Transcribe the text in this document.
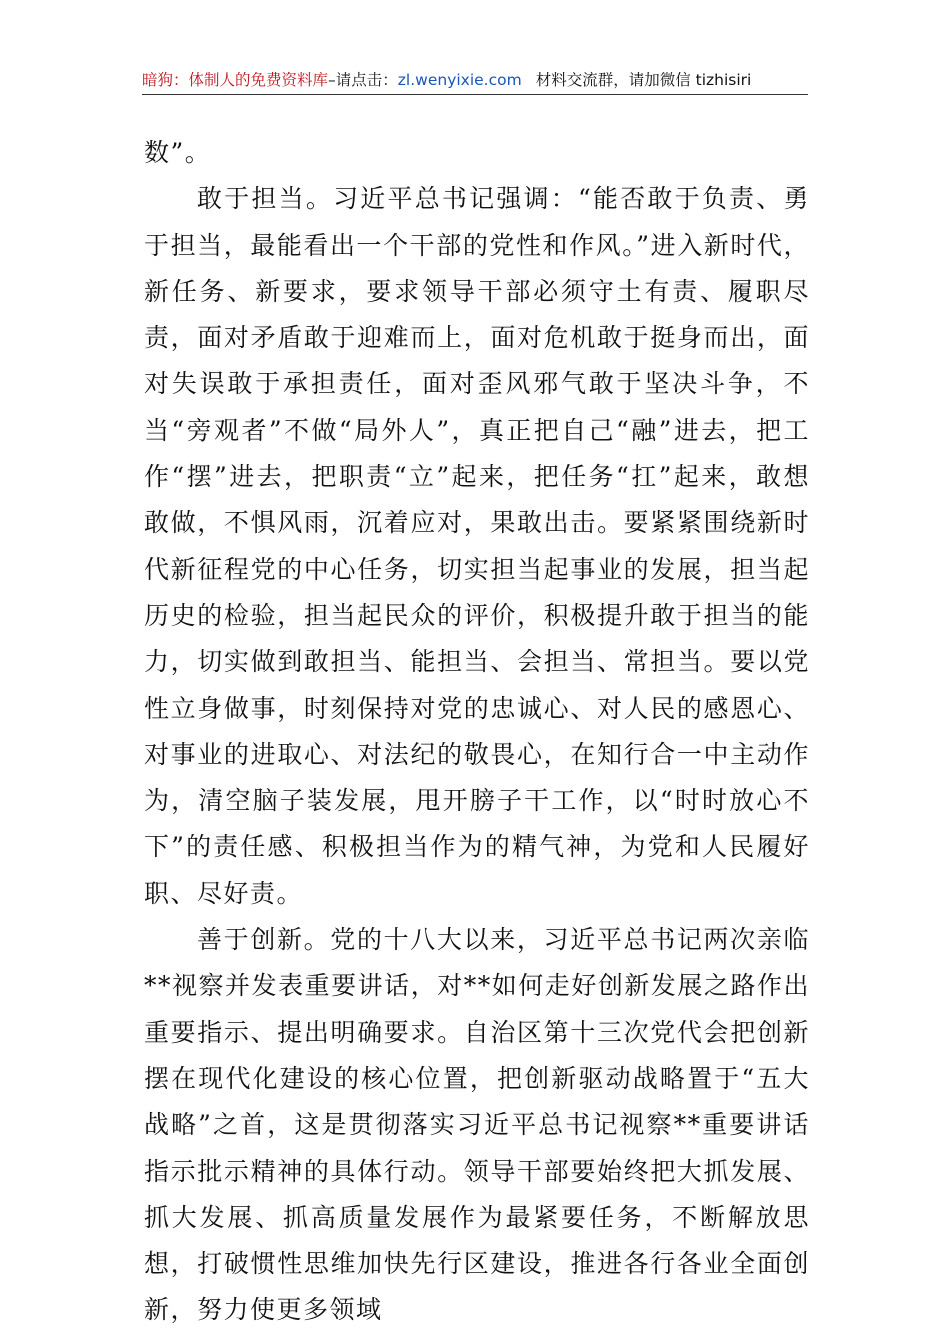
暗狗：体制人的免费资料库–请点击：zl.wenyixie.com 材料交流群，请加微信 tizhisiri

数”。

敢于担当。习近平总书记强调：“能否敢于负责、勇于担当，最能看出一个干部的党性和作风。”进入新时代，新任务、新要求，要求领导干部必须守土有责、履职尽责，面对矛盾敢于迎难而上，面对危机敢于挺身而出，面对失误敢于承担责任，面对歪风邪气敢于坚决斗争，不当“旁观者”不做“局外人”，真正把自己“融”进去，把工作“摆”进去，把职责“立”起来，把任务“扛”起来，敢想敢做，不惧风雨，沉着应对，果敢出击。要紧紧围绕新时代新征程党的中心任务，切实担当起事业的发展，担当起历史的检验，担当起民众的评价，积极提升敢于担当的能力，切实做到敢担当、能担当、会担当、常担当。要以党性立身做事，时刻保持对党的忠诚心、对人民的感恩心、对事业的进取心、对法纪的敬畏心，在知行合一中主动作为，清空脑子装发展，甩开膀子干工作，以“时时放心不下”的责任感、积极担当作为的精气神，为党和人民履好职、尽好责。

善于创新。党的十八大以来，习近平总书记两次亲临**视察并发表重要讲话，对**如何走好创新发展之路作出重要指示、提出明确要求。自治区第十三次党代会把创新摆在现代化建设的核心位置，把创新驱动战略置于“五大战略”之首，这是贯彻落实习近平总书记视察**重要讲话指示批示精神的具体行动。领导干部要始终把大抓发展、抓大发展、抓高质量发展作为最紧要任务，不断解放思想，打破惯性思维加快先行区建设，推进各行各业全面创新，努力使更多领域
